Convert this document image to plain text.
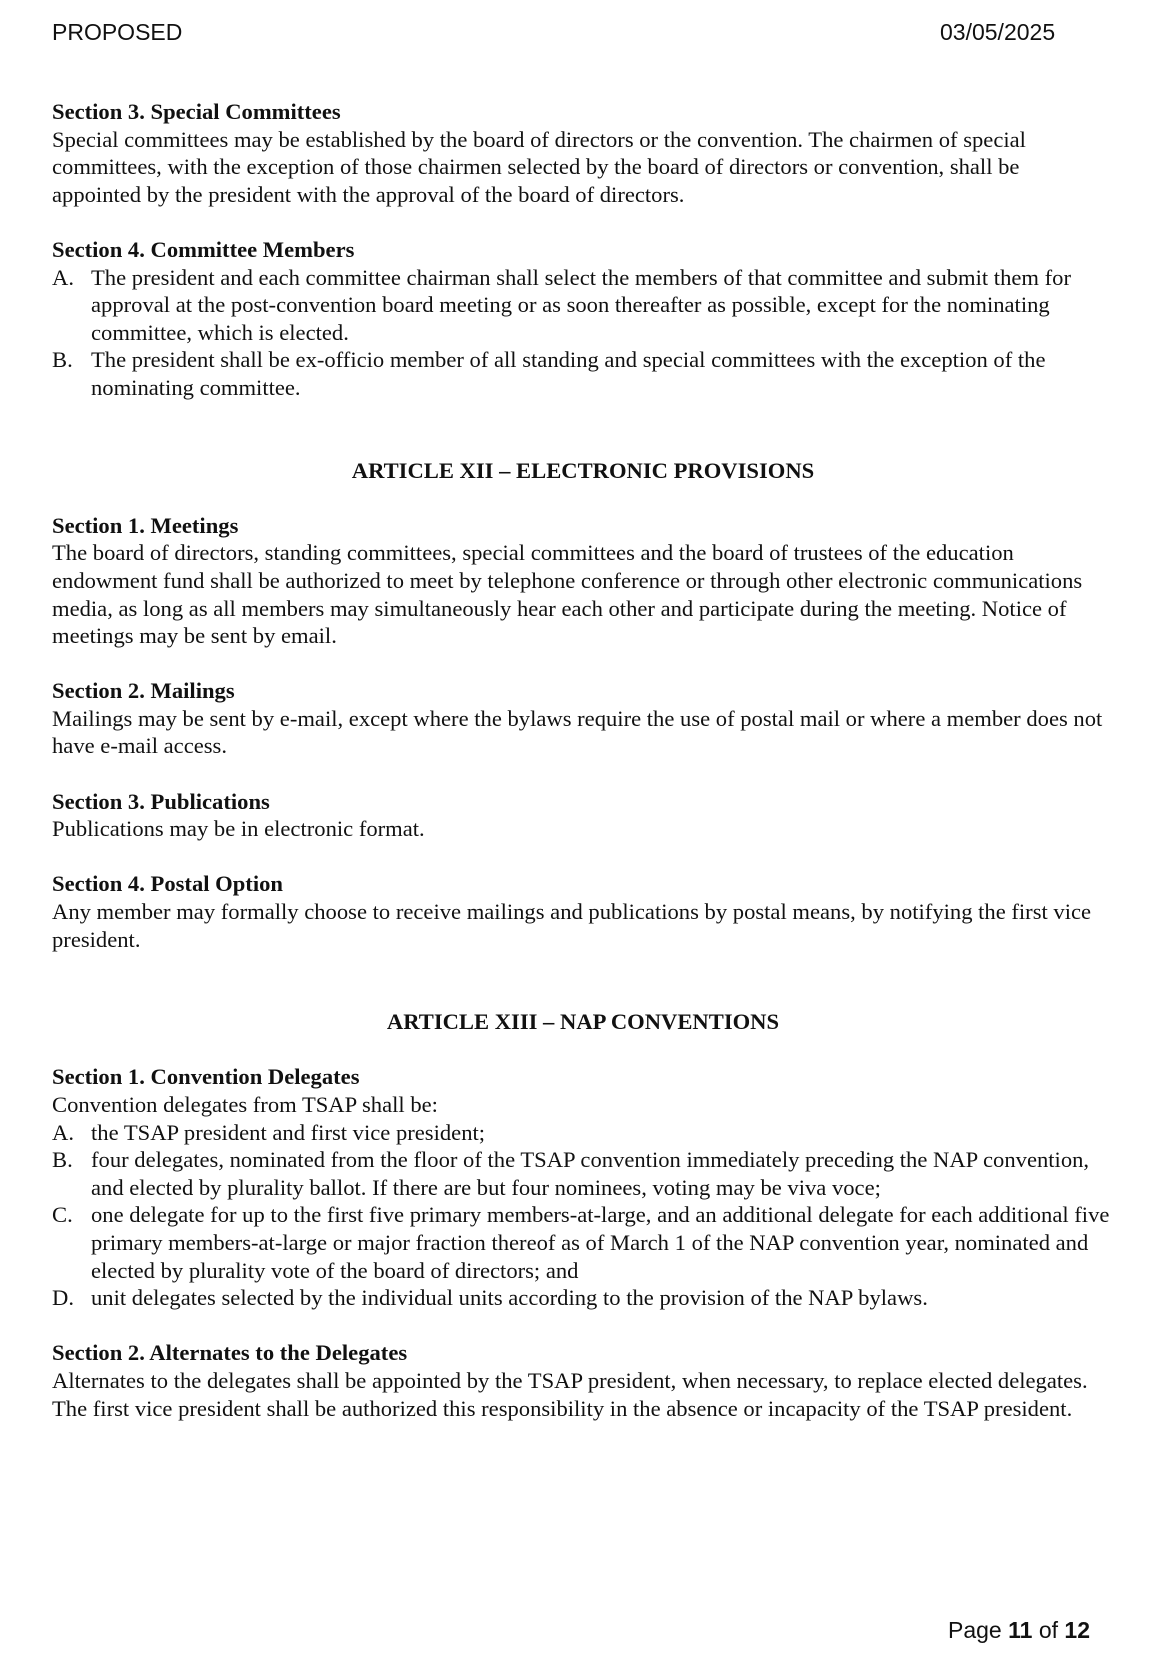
PROPOSED	03/05/2025

Section 3. Special Committees

Special committees may be established by the board of directors or the convention. The chairmen of special committees, with the exception of those chairmen selected by the board of directors or convention, shall be appointed by the president with the approval of the board of directors.

Section 4. Committee Members

A. The president and each committee chairman shall select the members of that committee and submit them for approval at the post-convention board meeting or as soon thereafter as possible, except for the nominating committee, which is elected.
B. The president shall be ex-officio member of all standing and special committees with the exception of the nominating committee.

ARTICLE XII – ELECTRONIC PROVISIONS

Section 1. Meetings

The board of directors, standing committees, special committees and the board of trustees of the education endowment fund shall be authorized to meet by telephone conference or through other electronic communications media, as long as all members may simultaneously hear each other and participate during the meeting. Notice of meetings may be sent by email.

Section 2. Mailings

Mailings may be sent by e-mail, except where the bylaws require the use of postal mail or where a member does not have e-mail access.

Section 3. Publications

Publications may be in electronic format.

Section 4. Postal Option

Any member may formally choose to receive mailings and publications by postal means, by notifying the first vice president.

ARTICLE XIII – NAP CONVENTIONS

Section 1. Convention Delegates

Convention delegates from TSAP shall be:

A. the TSAP president and first vice president;
B. four delegates, nominated from the floor of the TSAP convention immediately preceding the NAP convention, and elected by plurality ballot. If there are but four nominees, voting may be viva voce;
C. one delegate for up to the first five primary members-at-large, and an additional delegate for each additional five primary members-at-large or major fraction thereof as of March 1 of the NAP convention year, nominated and elected by plurality vote of the board of directors; and
D. unit delegates selected by the individual units according to the provision of the NAP bylaws.

Section 2. Alternates to the Delegates

Alternates to the delegates shall be appointed by the TSAP president, when necessary, to replace elected delegates. The first vice president shall be authorized this responsibility in the absence or incapacity of the TSAP president.

Page 11 of 12
